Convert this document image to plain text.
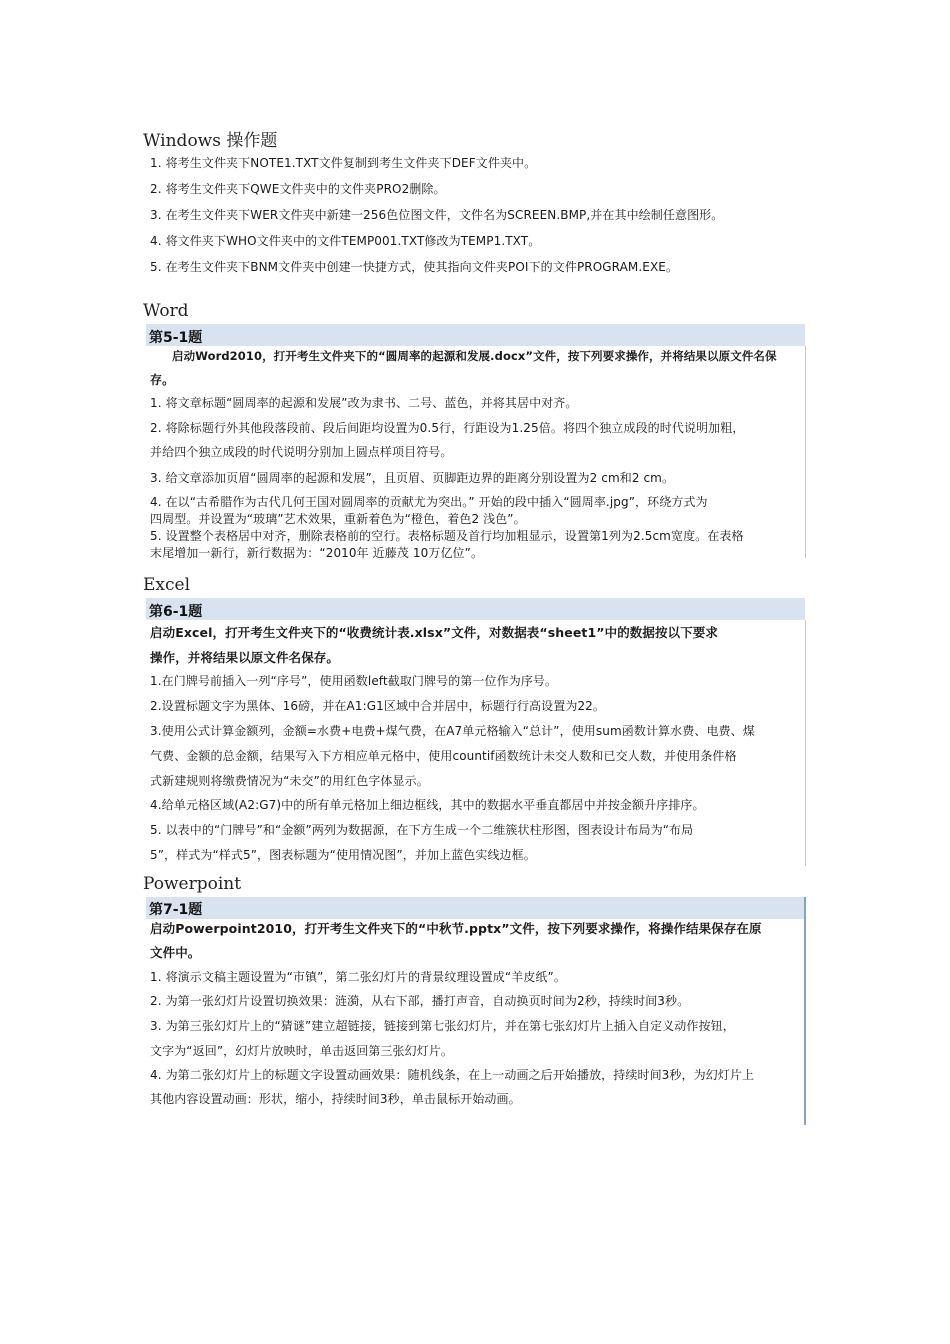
Windows 操作题
1. 将考生文件夹下NOTE1.TXT文件复制到考生文件夹下DEF文件夹中。
2. 将考生文件夹下QWE文件夹中的文件夹PRO2删除。
3. 在考生文件夹下WER文件夹中新建一256色位图文件，文件名为SCREEN.BMP,并在其中绘制任意图形。
4. 将文件夹下WHO文件夹中的文件TEMP001.TXT修改为TEMP1.TXT。
5. 在考生文件夹下BNM文件夹中创建一快捷方式，使其指向文件夹POI下的文件PROGRAM.EXE。
Word
第5-1题
启动Word2010，打开考生文件夹下的“圆周率的起源和发展.docx”文件，按下列要求操作，并将结果以原文件名保
存。
1. 将文章标题“圆周率的起源和发展”改为隶书、二号、蓝色，并将其居中对齐。
2. 将除标题行外其他段落段前、段后间距均设置为0.5行，行距设为1.25倍。将四个独立成段的时代说明加粗，
并给四个独立成段的时代说明分别加上圆点样项目符号。
3. 给文章添加页眉“圆周率的起源和发展”，且页眉、页脚距边界的距离分别设置为2 cm和2 cm。
4. 在以“古希腊作为古代几何王国对圆周率的贡献尤为突出。” 开始的段中插入“圆周率.jpg”，环绕方式为
四周型。并设置为“玻璃”艺术效果，重新着色为“橙色，着色2 浅色”。
5. 设置整个表格居中对齐，删除表格前的空行。表格标题及首行均加粗显示，设置第1列为2.5cm宽度。在表格
末尾增加一新行，新行数据为：“2010年 近藤茂 10万亿位”。
Excel
第6-1题
启动Excel，打开考生文件夹下的“收费统计表.xlsx”文件，对数据表“sheet1”中的数据按以下要求
操作，并将结果以原文件名保存。
1.在门牌号前插入一列“序号”，使用函数left截取门牌号的第一位作为序号。
2.设置标题文字为黑体、16磅，并在A1:G1区域中合并居中，标题行行高设置为22。
3.使用公式计算金额列，金额=水费+电费+煤气费，在A7单元格输入“总计”，使用sum函数计算水费、电费、煤
气费、金额的总金额，结果写入下方相应单元格中，使用countif函数统计未交人数和已交人数，并使用条件格
式新建规则将缴费情况为“未交”的用红色字体显示。
4.给单元格区域(A2:G7)中的所有单元格加上细边框线，其中的数据水平垂直都居中并按金额升序排序。
5. 以表中的“门牌号”和“金额”两列为数据源，在下方生成一个二维簇状柱形图，图表设计布局为“布局
5”，样式为“样式5”，图表标题为“使用情况图”，并加上蓝色实线边框。
Powerpoint
第7-1题
启动Powerpoint2010，打开考生文件夹下的“中秋节.pptx”文件，按下列要求操作，将操作结果保存在原
文件中。
1. 将演示文稿主题设置为“市镇”，第二张幻灯片的背景纹理设置成“羊皮纸”。
2. 为第一张幻灯片设置切换效果：涟漪，从右下部，播打声音，自动换页时间为2秒，持续时间3秒。
3. 为第三张幻灯片上的“猜谜”建立超链接，链接到第七张幻灯片，并在第七张幻灯片上插入自定义动作按钮，
文字为“返回”，幻灯片放映时，单击返回第三张幻灯片。
4. 为第二张幻灯片上的标题文字设置动画效果：随机线条，在上一动画之后开始播放，持续时间3秒，为幻灯片上
其他内容设置动画：形状，缩小，持续时间3秒，单击鼠标开始动画。
